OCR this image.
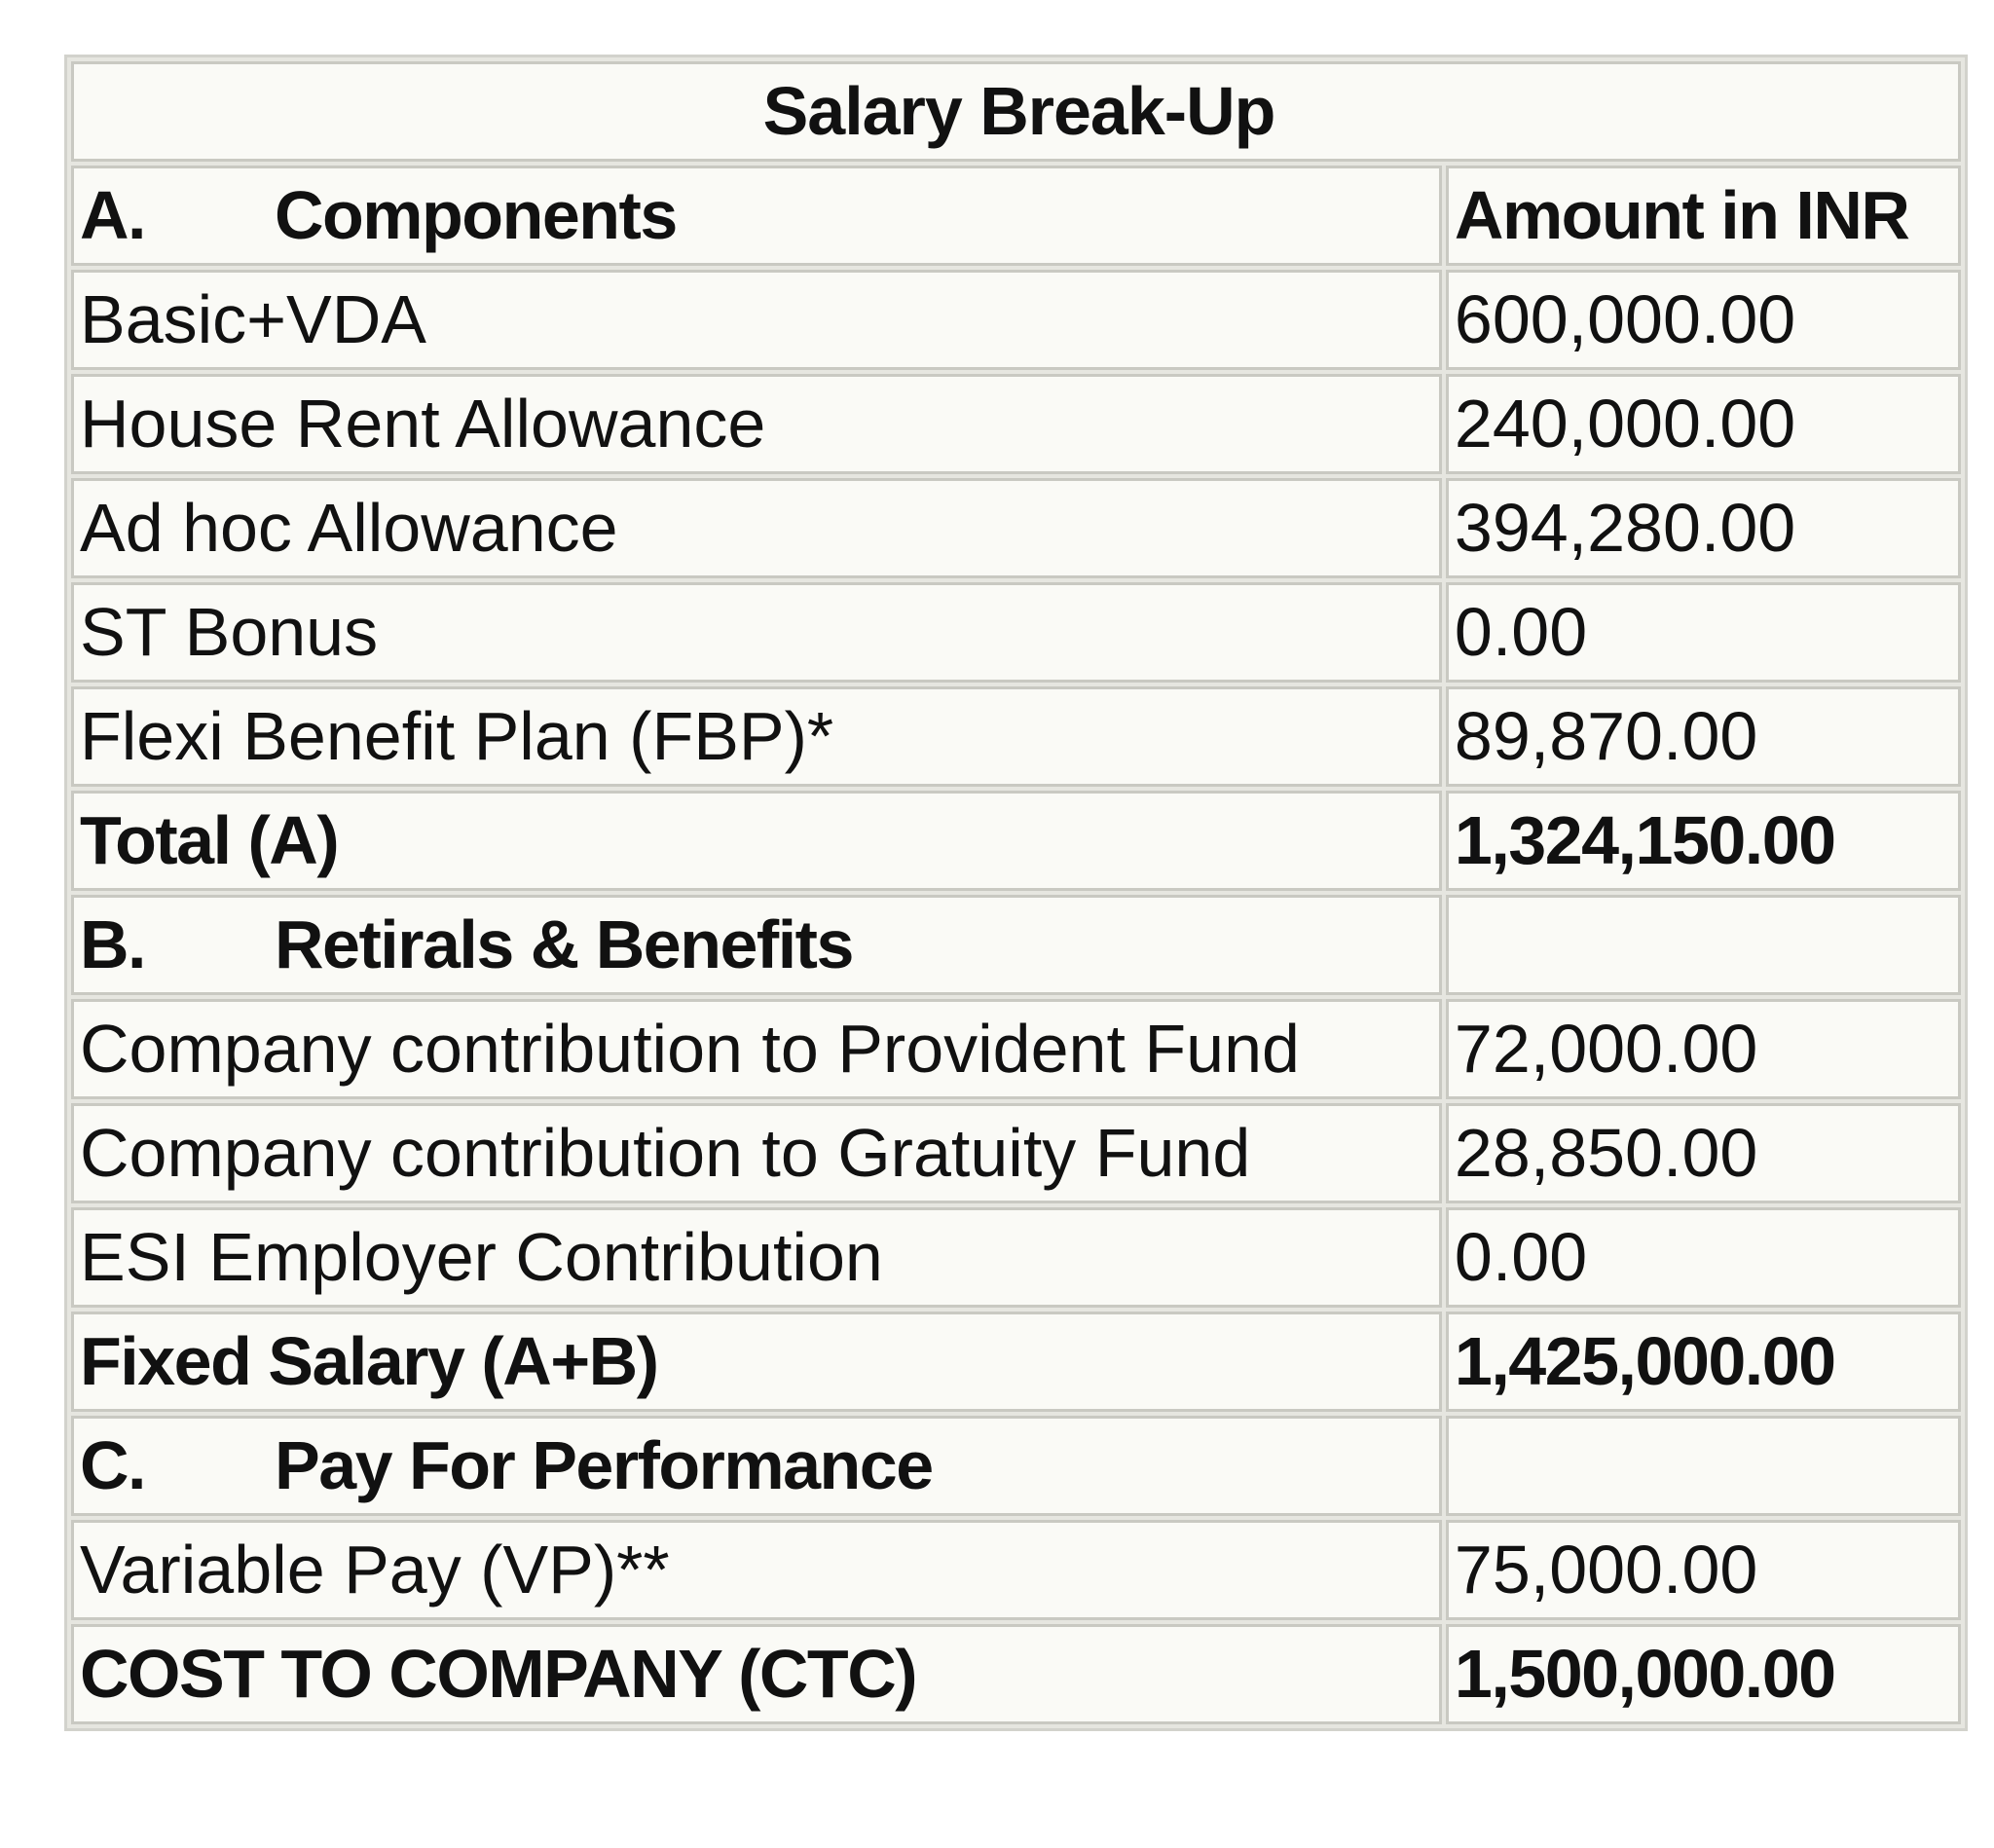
Salary Break-Up	
A. Components	Amount in INR
Basic+VDA	600,000.00
House Rent Allowance	240,000.00
Ad hoc Allowance	394,280.00
ST Bonus	0.00
Flexi Benefit Plan (FBP)*	89,870.00
Total (A)	1,324,150.00
B. Retirals & Benefits	
Company contribution to Provident Fund	72,000.00
Company contribution to Gratuity Fund	28,850.00
ESI Employer Contribution	0.00
Fixed Salary (A+B)	1,425,000.00
C. Pay For Performance	
Variable Pay (VP)**	75,000.00
COST TO COMPANY (CTC)	1,500,000.00
